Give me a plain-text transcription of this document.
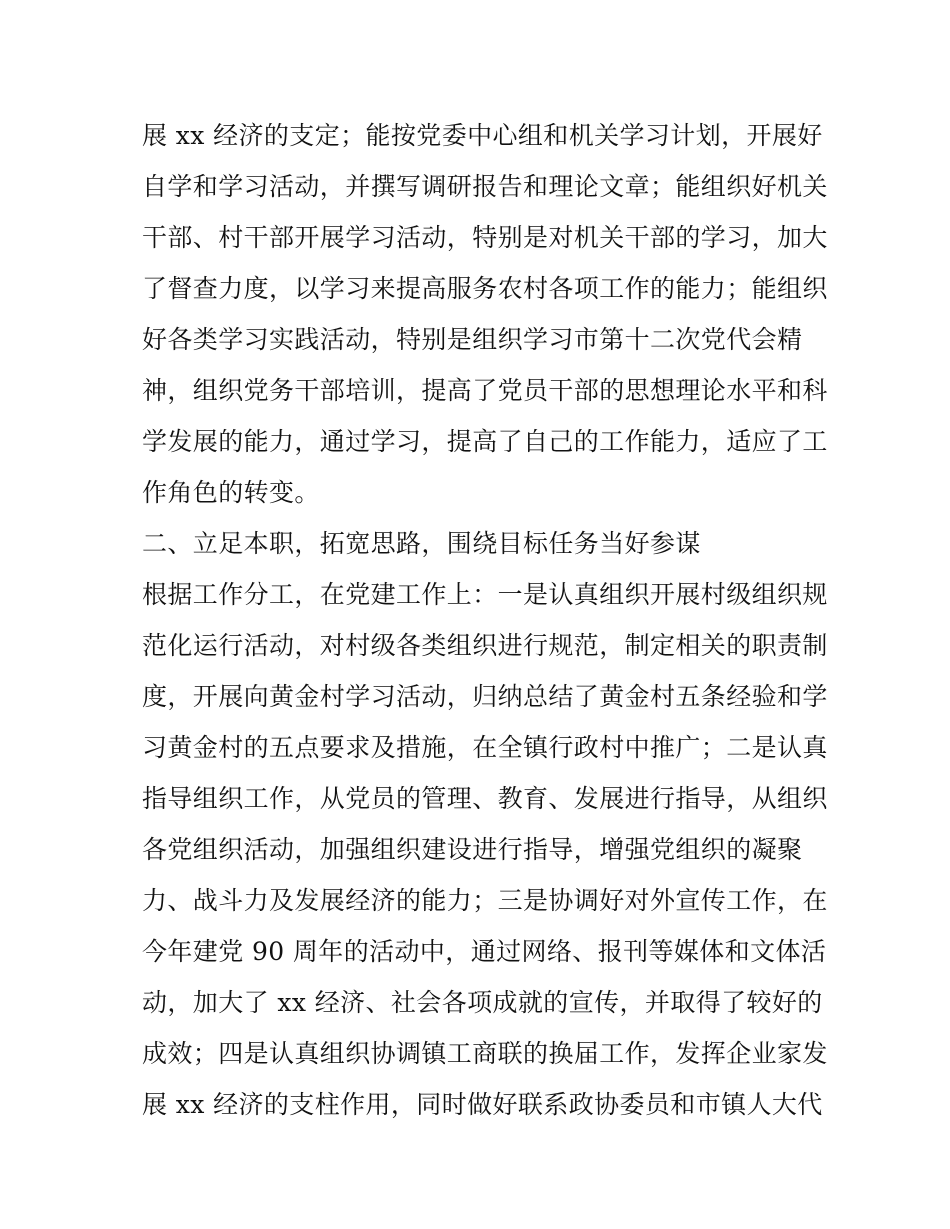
展 xx 经济的支定；能按党委中心组和机关学习计划，开展好
自学和学习活动，并撰写调研报告和理论文章；能组织好机关
干部、村干部开展学习活动，特别是对机关干部的学习，加大
了督查力度，以学习来提高服务农村各项工作的能力；能组织
好各类学习实践活动，特别是组织学习市第十二次党代会精
神，组织党务干部培训，提高了党员干部的思想理论水平和科
学发展的能力，通过学习，提高了自己的工作能力，适应了工
作角色的转变。
二、立足本职，拓宽思路，围绕目标任务当好参谋
根据工作分工，在党建工作上：一是认真组织开展村级组织规
范化运行活动，对村级各类组织进行规范，制定相关的职责制
度，开展向黄金村学习活动，归纳总结了黄金村五条经验和学
习黄金村的五点要求及措施，在全镇行政村中推广；二是认真
指导组织工作，从党员的管理、教育、发展进行指导，从组织
各党组织活动，加强组织建设进行指导，增强党组织的凝聚
力、战斗力及发展经济的能力；三是协调好对外宣传工作，在
今年建党 90 周年的活动中，通过网络、报刊等媒体和文体活
动，加大了 xx 经济、社会各项成就的宣传，并取得了较好的
成效；四是认真组织协调镇工商联的换届工作，发挥企业家发
展 xx 经济的支柱作用，同时做好联系政协委员和市镇人大代
